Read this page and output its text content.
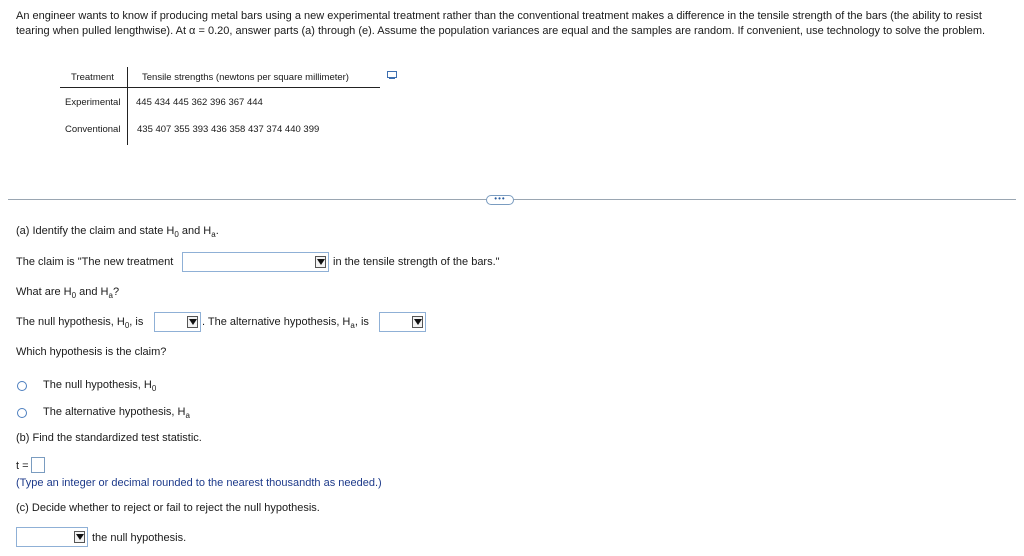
An engineer wants to know if producing metal bars using a new experimental treatment rather than the conventional treatment makes a difference in the tensile strength of the bars (the ability to resist tearing when pulled lengthwise). At α = 0.20, answer parts (a) through (e). Assume the population variances are equal and the samples are random. If convenient, use technology to solve the problem.
Treatment	Tensile strengths (newtons per square millimeter)
Experimental 445 434 445 362 396 367 444
Conventional 435 407 355 393 436 358 437 374 440 399
•••
(a) Identify the claim and state $H_0$ and $H_a$.
The claim is "The new treatment	in the tensile strength of the bars."
What are $H_0$ and $H_a$?
The null hypothesis, $H_0$, is	. The alternative hypothesis, $H_a$, is
Which hypothesis is the claim?
The null hypothesis, $H_0$
The alternative hypothesis, $H_a$
(b) Find the standardized test statistic.
t =
(Type an integer or decimal rounded to the nearest thousandth as needed.)
(c) Decide whether to reject or fail to reject the null hypothesis.
the null hypothesis.
